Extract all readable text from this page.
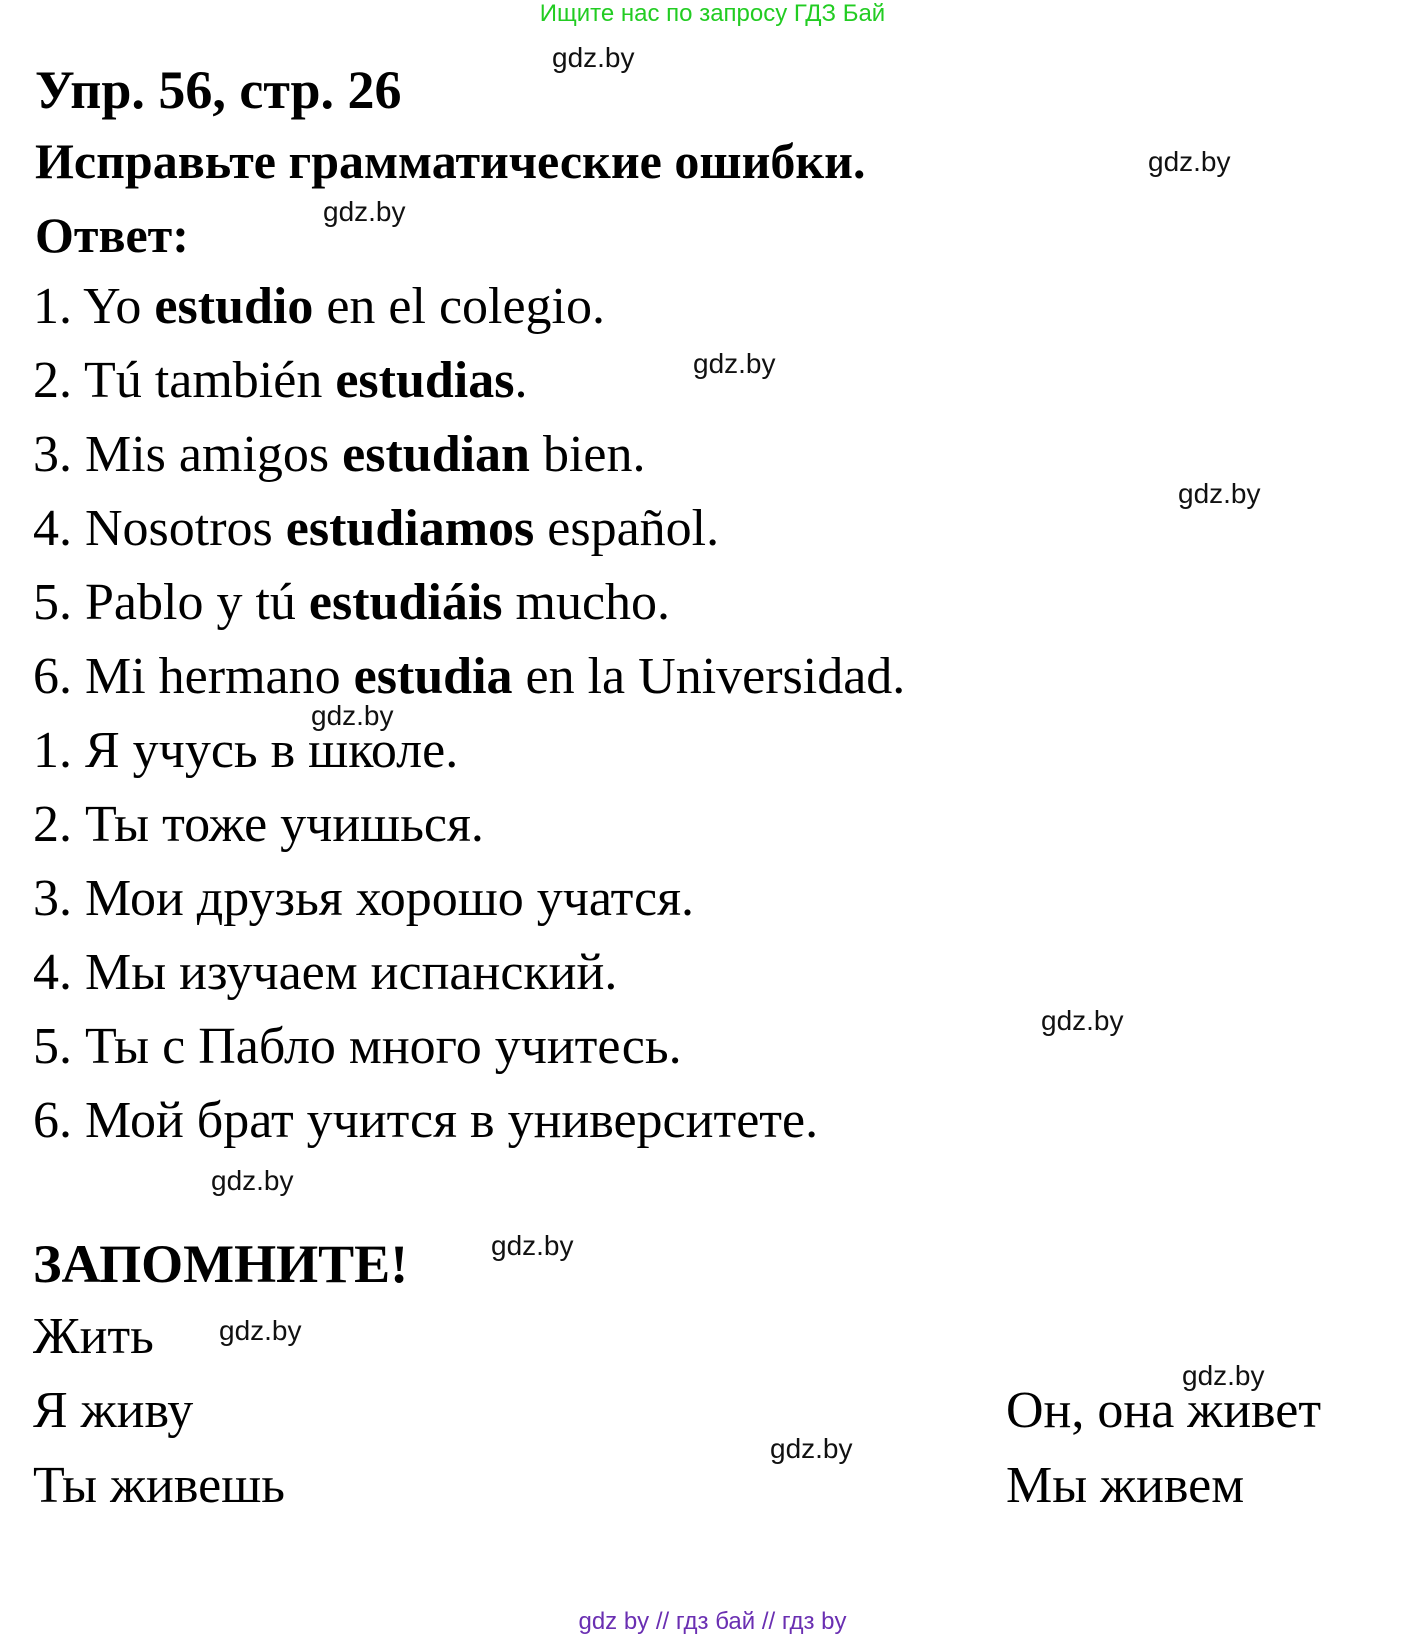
Ищите нас по запросу ГДЗ Бай
Упр. 56, стр. 26
Исправьте грамматические ошибки.
Ответ:
1. Yo estudio en el colegio.
2. Tú también estudias.
3. Mis amigos estudian bien.
4. Nosotros estudiamos español.
5. Pablo y tú estudiáis mucho.
6. Mi hermano estudia en la Universidad.
1. Я учусь в школе.
2. Ты тоже учишься.
3. Мои друзья хорошо учатся.
4. Мы изучаем испанский.
5. Ты с Пабло много учитесь.
6. Мой брат учится в университете.
ЗАПОМНИТЕ!
Жить
Я живу
Ты живешь
Он, она живет
Мы живем
gdz.by
gdz.by
gdz.by
gdz.by
gdz.by
gdz.by
gdz.by
gdz.by
gdz.by
gdz.by
gdz.by
gdz.by
gdz by // гдз бай // гдз by
